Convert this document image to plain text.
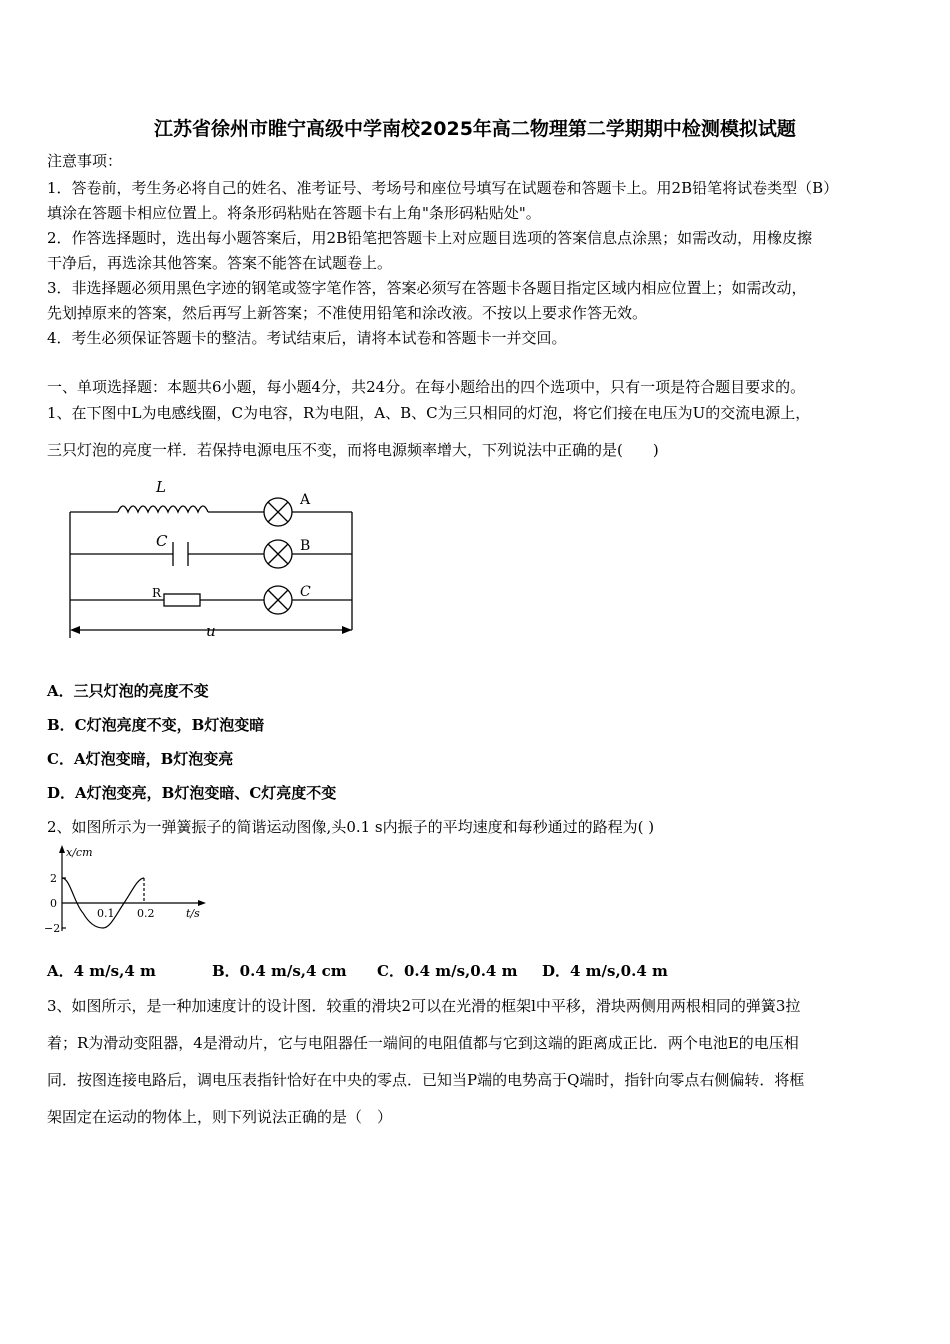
江苏省徐州市睢宁高级中学南校2025年高二物理第二学期期中检测模拟试题
注意事项：
1．答卷前，考生务必将自己的姓名、准考证号、考场号和座位号填写在试题卷和答题卡上。用2B铅笔将试卷类型（B）
填涂在答题卡相应位置上。将条形码粘贴在答题卡右上角"条形码粘贴处"。
2．作答选择题时，选出每小题答案后，用2B铅笔把答题卡上对应题目选项的答案信息点涂黑；如需改动，用橡皮擦
干净后，再选涂其他答案。答案不能答在试题卷上。
3．非选择题必须用黑色字迹的钢笔或签字笔作答，答案必须写在答题卡各题目指定区域内相应位置上；如需改动，
先划掉原来的答案，然后再写上新答案；不准使用铅笔和涂改液。不按以上要求作答无效。
4．考生必须保证答题卡的整洁。考试结束后，请将本试卷和答题卡一并交回。
一、单项选择题：本题共6小题，每小题4分，共24分。在每小题给出的四个选项中，只有一项是符合题目要求的。
1、在下图中L为电感线圈，C为电容，R为电阻，A、B、C为三只相同的灯泡，将它们接在电压为U的交流电源上，
三只灯泡的亮度一样．若保持电源电压不变，而将电源频率增大，下列说法中正确的是(　　)
L
A
C	B
R	C
u
A．三只灯泡的亮度不变
B．C灯泡亮度不变，B灯泡变暗
C．A灯泡变暗，B灯泡变亮
D．A灯泡变亮，B灯泡变暗、C灯亮度不变
2、如图所示为一弹簧振子的简谐运动图像,头0.1 s内振子的平均速度和每秒通过的路程为( )
x/cm
t/s
2
0
−2
0.1 0.2
A．4 m/s,4 m	B．0.4 m/s,4 cm C．0.4 m/s,0.4 m D．4 m/s,0.4 m
3、如图所示，是一种加速度计的设计图．较重的滑块2可以在光滑的框架l中平移，滑块两侧用两根相同的弹簧3拉
着；R为滑动变阻器，4是滑动片，它与电阻器任一端间的电阻值都与它到这端的距离成正比．两个电池E的电压相
同．按图连接电路后，调电压表指针恰好在中央的零点．已知当P端的电势高于Q端时，指针向零点右侧偏转．将框
架固定在运动的物体上，则下列说法正确的是（　）
